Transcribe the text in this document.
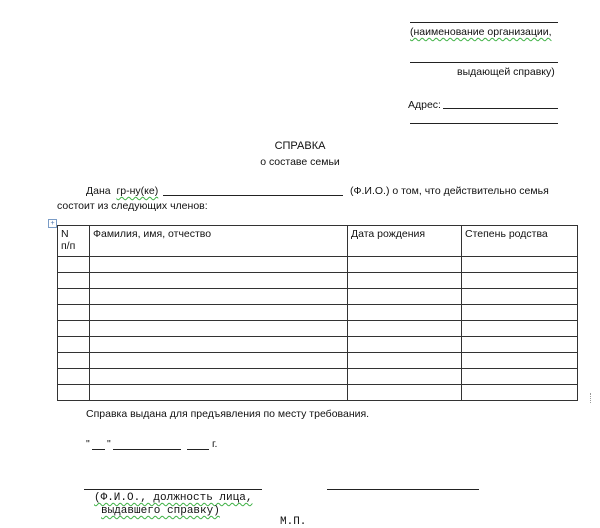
(наименование организации,
выдающей справку)
Адрес:
СПРАВКА
о составе семьи
Дана гр-ну(ке)	(Ф.И.О.) о том, что действительно семья
состоит из следующих членов:
+
N п/п	Фамилия, имя, отчество	Дата рождения	Степень родства

Справка выдана для предъявления по месту требования.
" "	г.
(Ф.И.О., должность лица,
выдавшего справку)
М.П.
